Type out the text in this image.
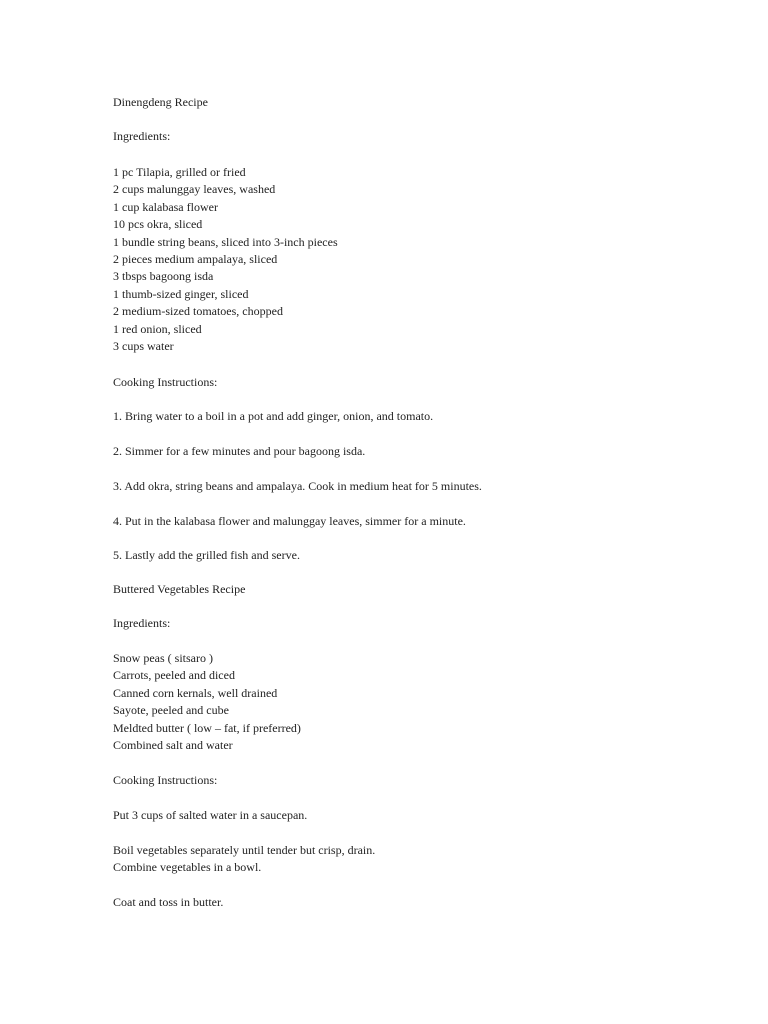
Dinengdeng Recipe

Ingredients:

1 pc Tilapia, grilled or fried

2 cups malunggay leaves, washed

1 cup kalabasa flower

10 pcs okra, sliced

1 bundle string beans, sliced into 3-inch pieces

2 pieces medium ampalaya, sliced

3 tbsps bagoong isda

1 thumb-sized ginger, sliced

2 medium-sized tomatoes, chopped

1 red onion, sliced

3 cups water

Cooking Instructions:

1. Bring water to a boil in a pot and add ginger, onion, and tomato.

2. Simmer for a few minutes and pour bagoong isda.

3. Add okra, string beans and ampalaya. Cook in medium heat for 5 minutes.

4. Put in the kalabasa flower and malunggay leaves, simmer for a minute.

5. Lastly add the grilled fish and serve.

Buttered Vegetables Recipe

Ingredients:

Snow peas ( sitsaro )

Carrots, peeled and diced

Canned corn kernals, well drained

Sayote, peeled and cube

Meldted butter ( low – fat, if preferred)

Combined salt and water

Cooking Instructions:

Put 3 cups of salted water in a saucepan.

Boil vegetables separately until tender but crisp, drain.

Combine vegetables in a bowl.

Coat and toss in butter.
